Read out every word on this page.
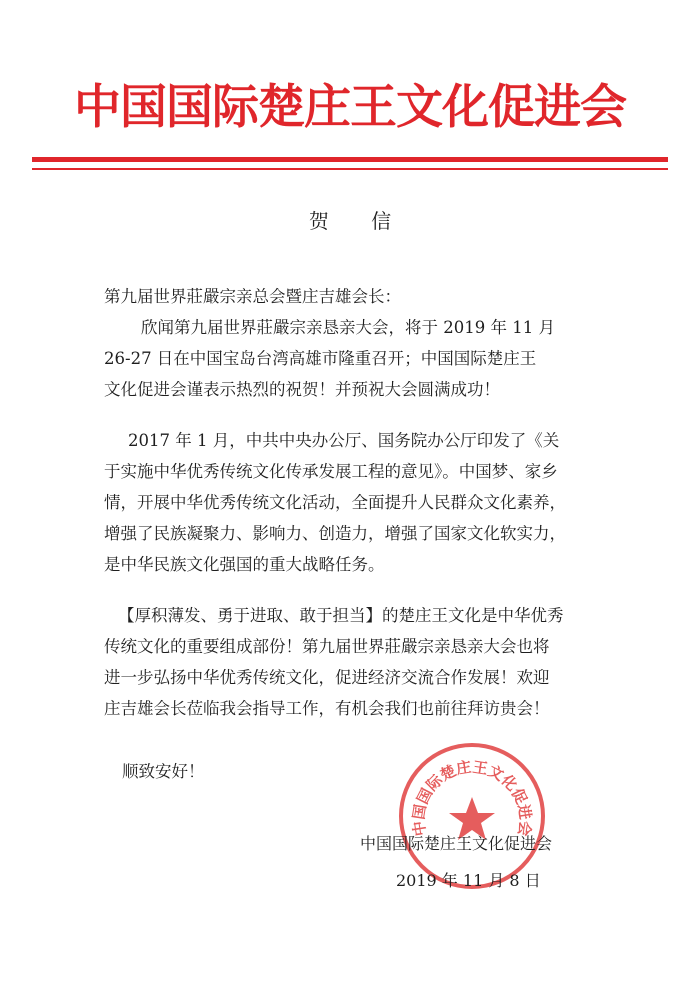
中国国际楚庄王文化促进会
贺 信
第九届世界莊嚴宗亲总会暨庄吉雄会长：
欣闻第九届世界莊嚴宗亲恳亲大会，将于 2019 年 11 月
26-27 日在中国宝岛台湾高雄市隆重召开；中国国际楚庄王
文化促进会谨表示热烈的祝贺！并预祝大会圆满成功！
2017 年 1 月，中共中央办公厅、国务院办公厅印发了《关
于实施中华优秀传统文化传承发展工程的意见》。中国梦、家乡
情，开展中华优秀传统文化活动，全面提升人民群众文化素养，
增强了民族凝聚力、影响力、创造力，增强了国家文化软实力，
是中华民族文化强国的重大战略任务。
【厚积薄发、勇于进取、敢于担当】的楚庄王文化是中华优秀
传统文化的重要组成部份！第九届世界莊嚴宗亲恳亲大会也将
进一步弘扬中华优秀传统文化，促进经济交流合作发展！欢迎
庄吉雄会长莅临我会指导工作，有机会我们也前往拜访贵会！
顺致安好！
中国国际楚庄王文化促进会
中国国际楚庄王文化促进会
2019 年 11 月 8 日
